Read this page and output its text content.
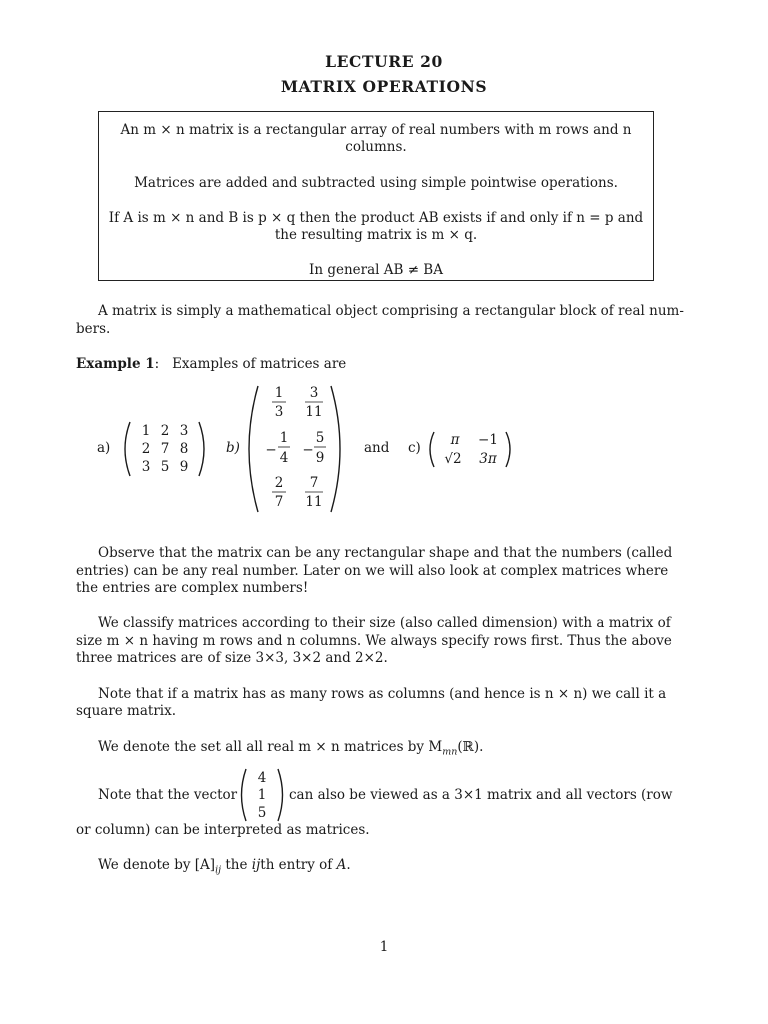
LECTURE 20
MATRIX OPERATIONS
An m × n matrix is a rectangular array of real numbers with m rows and n
columns.
Matrices are added and subtracted using simple pointwise operations.
If A is m × n and B is p × q then the product AB exists if and only if n = p and
the resulting matrix is m × q.
In general AB ≠ BA
A matrix is simply a mathematical object comprising a rectangular block of real num-
bers.
Example 1: Examples of matrices are
a)
1 2 3
2 7 8
3 5 9
b)
1
3
3
11
−
1
4 −
5
9
2
7
7
11
and c) π −1
√2 3π
Observe that the matrix can be any rectangular shape and that the numbers (called
entries) can be any real number. Later on we will also look at complex matrices where
the entries are complex numbers!
We classify matrices according to their size (also called dimension) with a matrix of
size m × n having m rows and n columns. We always specify rows first. Thus the above
three matrices are of size 3×3, 3×2 and 2×2.
Note that if a matrix has as many rows as columns (and hence is n × n) we call it a
square matrix.
We denote the set all all real m × n matrices by $M_{mn}(ℝ)$.
Note that the vector
4
1
5
can also be viewed as a 3×1 matrix and all vectors (row
or column) can be interpreted as matrices.
We denote by $[A]_{ij}$ the ijth entry of A.
1
